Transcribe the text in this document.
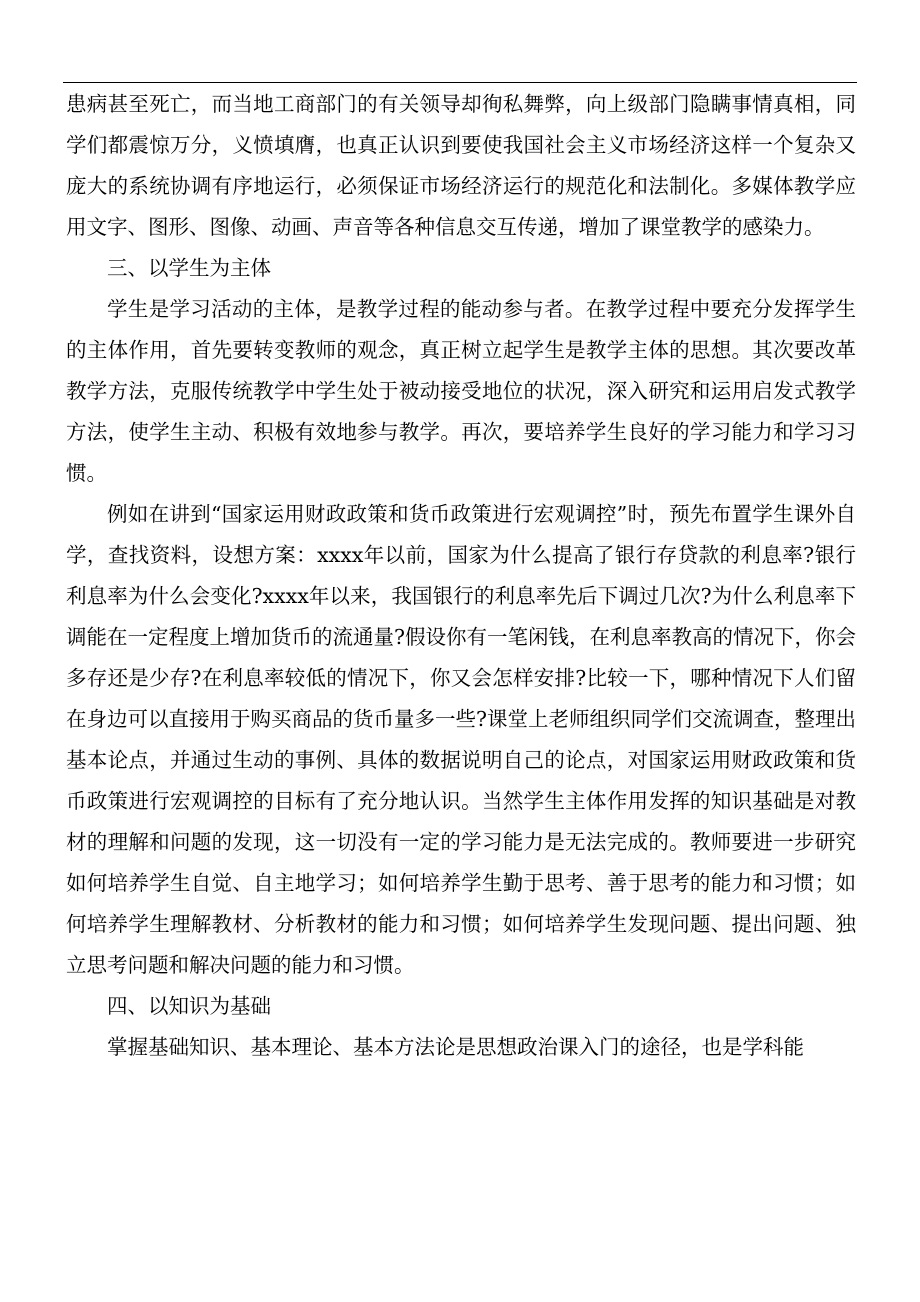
患病甚至死亡，而当地工商部门的有关领导却徇私舞弊，向上级部门隐瞒事情真相，同学们都震惊万分，义愤填膺，也真正认识到要使我国社会主义市场经济这样一个复杂又庞大的系统协调有序地运行，必须保证市场经济运行的规范化和法制化。多媒体教学应用文字、图形、图像、动画、声音等各种信息交互传递，增加了课堂教学的感染力。

三、以学生为主体

学生是学习活动的主体，是教学过程的能动参与者。在教学过程中要充分发挥学生的主体作用，首先要转变教师的观念，真正树立起学生是教学主体的思想。其次要改革教学方法，克服传统教学中学生处于被动接受地位的状况，深入研究和运用启发式教学方法，使学生主动、积极有效地参与教学。再次，要培养学生良好的学习能力和学习习惯。

例如在讲到“国家运用财政政策和货币政策进行宏观调控”时，预先布置学生课外自学，查找资料，设想方案：xxxx年以前，国家为什么提高了银行存贷款的利息率?银行利息率为什么会变化?xxxx年以来，我国银行的利息率先后下调过几次?为什么利息率下调能在一定程度上增加货币的流通量?假设你有一笔闲钱，在利息率教高的情况下，你会多存还是少存?在利息率较低的情况下，你又会怎样安排?比较一下，哪种情况下人们留在身边可以直接用于购买商品的货币量多一些?课堂上老师组织同学们交流调查，整理出基本论点，并通过生动的事例、具体的数据说明自己的论点，对国家运用财政政策和货币政策进行宏观调控的目标有了充分地认识。当然学生主体作用发挥的知识基础是对教材的理解和问题的发现，这一切没有一定的学习能力是无法完成的。教师要进一步研究如何培养学生自觉、自主地学习；如何培养学生勤于思考、善于思考的能力和习惯；如何培养学生理解教材、分析教材的能力和习惯；如何培养学生发现问题、提出问题、独立思考问题和解决问题的能力和习惯。

四、以知识为基础

掌握基础知识、基本理论、基本方法论是思想政治课入门的途径，也是学科能
